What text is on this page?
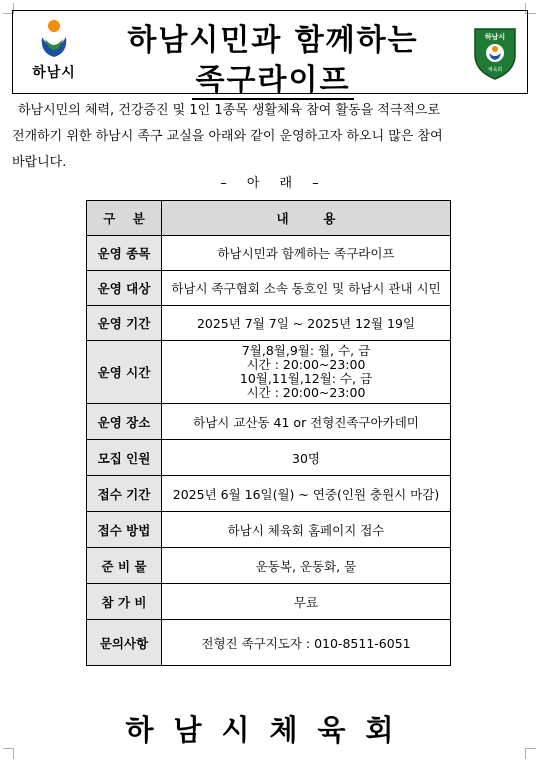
하남시
하남시민과 함께하는
족구라이프
하남시
체육회

하남시민의 체력, 건강증진 및 1인 1종목 생활체육 참여 활동을 적극적으로

전개하기 위한 하남시 족구 교실을 아래와 같이 운영하고자 하오니 많은 참여

바랍니다.

– 아 래 –
구    분	내        용
운영 종목	하남시민과 함께하는 족구라이프
운영 대상	하남시 족구협회 소속 동호인 및 하남시 관내 시민
운영 기간	2025년 7월 7일 ~ 2025년 12월 19일
운영 시간	7월,8월,9월: 월, 수, 금
시간 : 20:00~23:00
10월,11월,12월: 수, 금
시간 : 20:00~23:00

운영 장소	하남시 교산동 41 or 전형진족구아카데미
모집 인원	30명
접수 기간	2025년 6월 16일(월) ~ 연중(인원 충원시 마감)
접수 방법	하남시 체육회 홈페이지 접수
준 비 물	운동복, 운동화, 물
참 가 비	무료
문의사항	전형진 족구지도자 : 010-8511-6051
하남시체육회
